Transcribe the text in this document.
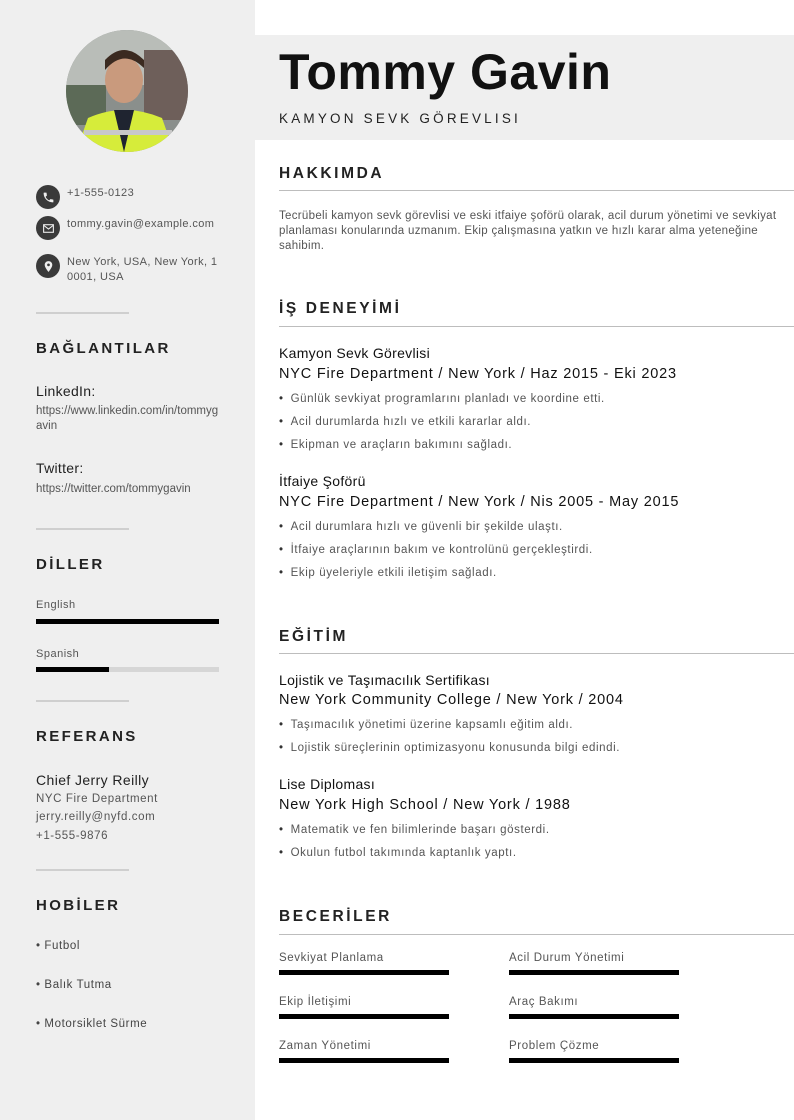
+1-555-0123
tommy.gavin@example.com
New York, USA, New York, 10001, USA
BAĞLANTILAR
LinkedIn:
https://www.linkedin.com/in/tommygavin
Twitter:
https://twitter.com/tommygavin
DİLLER
English
Spanish
REFERANS
Chief Jerry Reilly
NYC Fire Department
jerry.reilly@nyfd.com
+1-555-9876
HOBİLER
• Futbol
• Balık Tutma
• Motorsiklet Sürme
Tommy Gavin
KAMYON SEVK GÖREVLISI
HAKKIMDA
Tecrübeli kamyon sevk görevlisi ve eski itfaiye şoförü olarak, acil durum yönetimi ve sevkiyat planlaması konularında uzmanım. Ekip çalışmasına yatkın ve hızlı karar alma yeteneğine sahibim.
İŞ DENEYİMİ
Kamyon Sevk Görevlisi
NYC Fire Department / New York / Haz 2015 - Eki 2023
• Günlük sevkiyat programlarını planladı ve koordine etti.
• Acil durumlarda hızlı ve etkili kararlar aldı.
• Ekipman ve araçların bakımını sağladı.
İtfaiye Şoförü
NYC Fire Department / New York / Nis 2005 - May 2015
• Acil durumlara hızlı ve güvenli bir şekilde ulaştı.
• İtfaiye araçlarının bakım ve kontrolünü gerçekleştirdi.
• Ekip üyeleriyle etkili iletişim sağladı.
EĞİTİM
Lojistik ve Taşımacılık Sertifikası
New York Community College / New York / 2004
• Taşımacılık yönetimi üzerine kapsamlı eğitim aldı.
• Lojistik süreçlerinin optimizasyonu konusunda bilgi edindi.
Lise Diploması
New York High School / New York / 1988
• Matematik ve fen bilimlerinde başarı gösterdi.
• Okulun futbol takımında kaptanlık yaptı.
BECERİLER
Sevkiyat Planlama	Acil Durum Yönetimi
Ekip İletişimi	Araç Bakımı
Zaman Yönetimi	Problem Çözme
